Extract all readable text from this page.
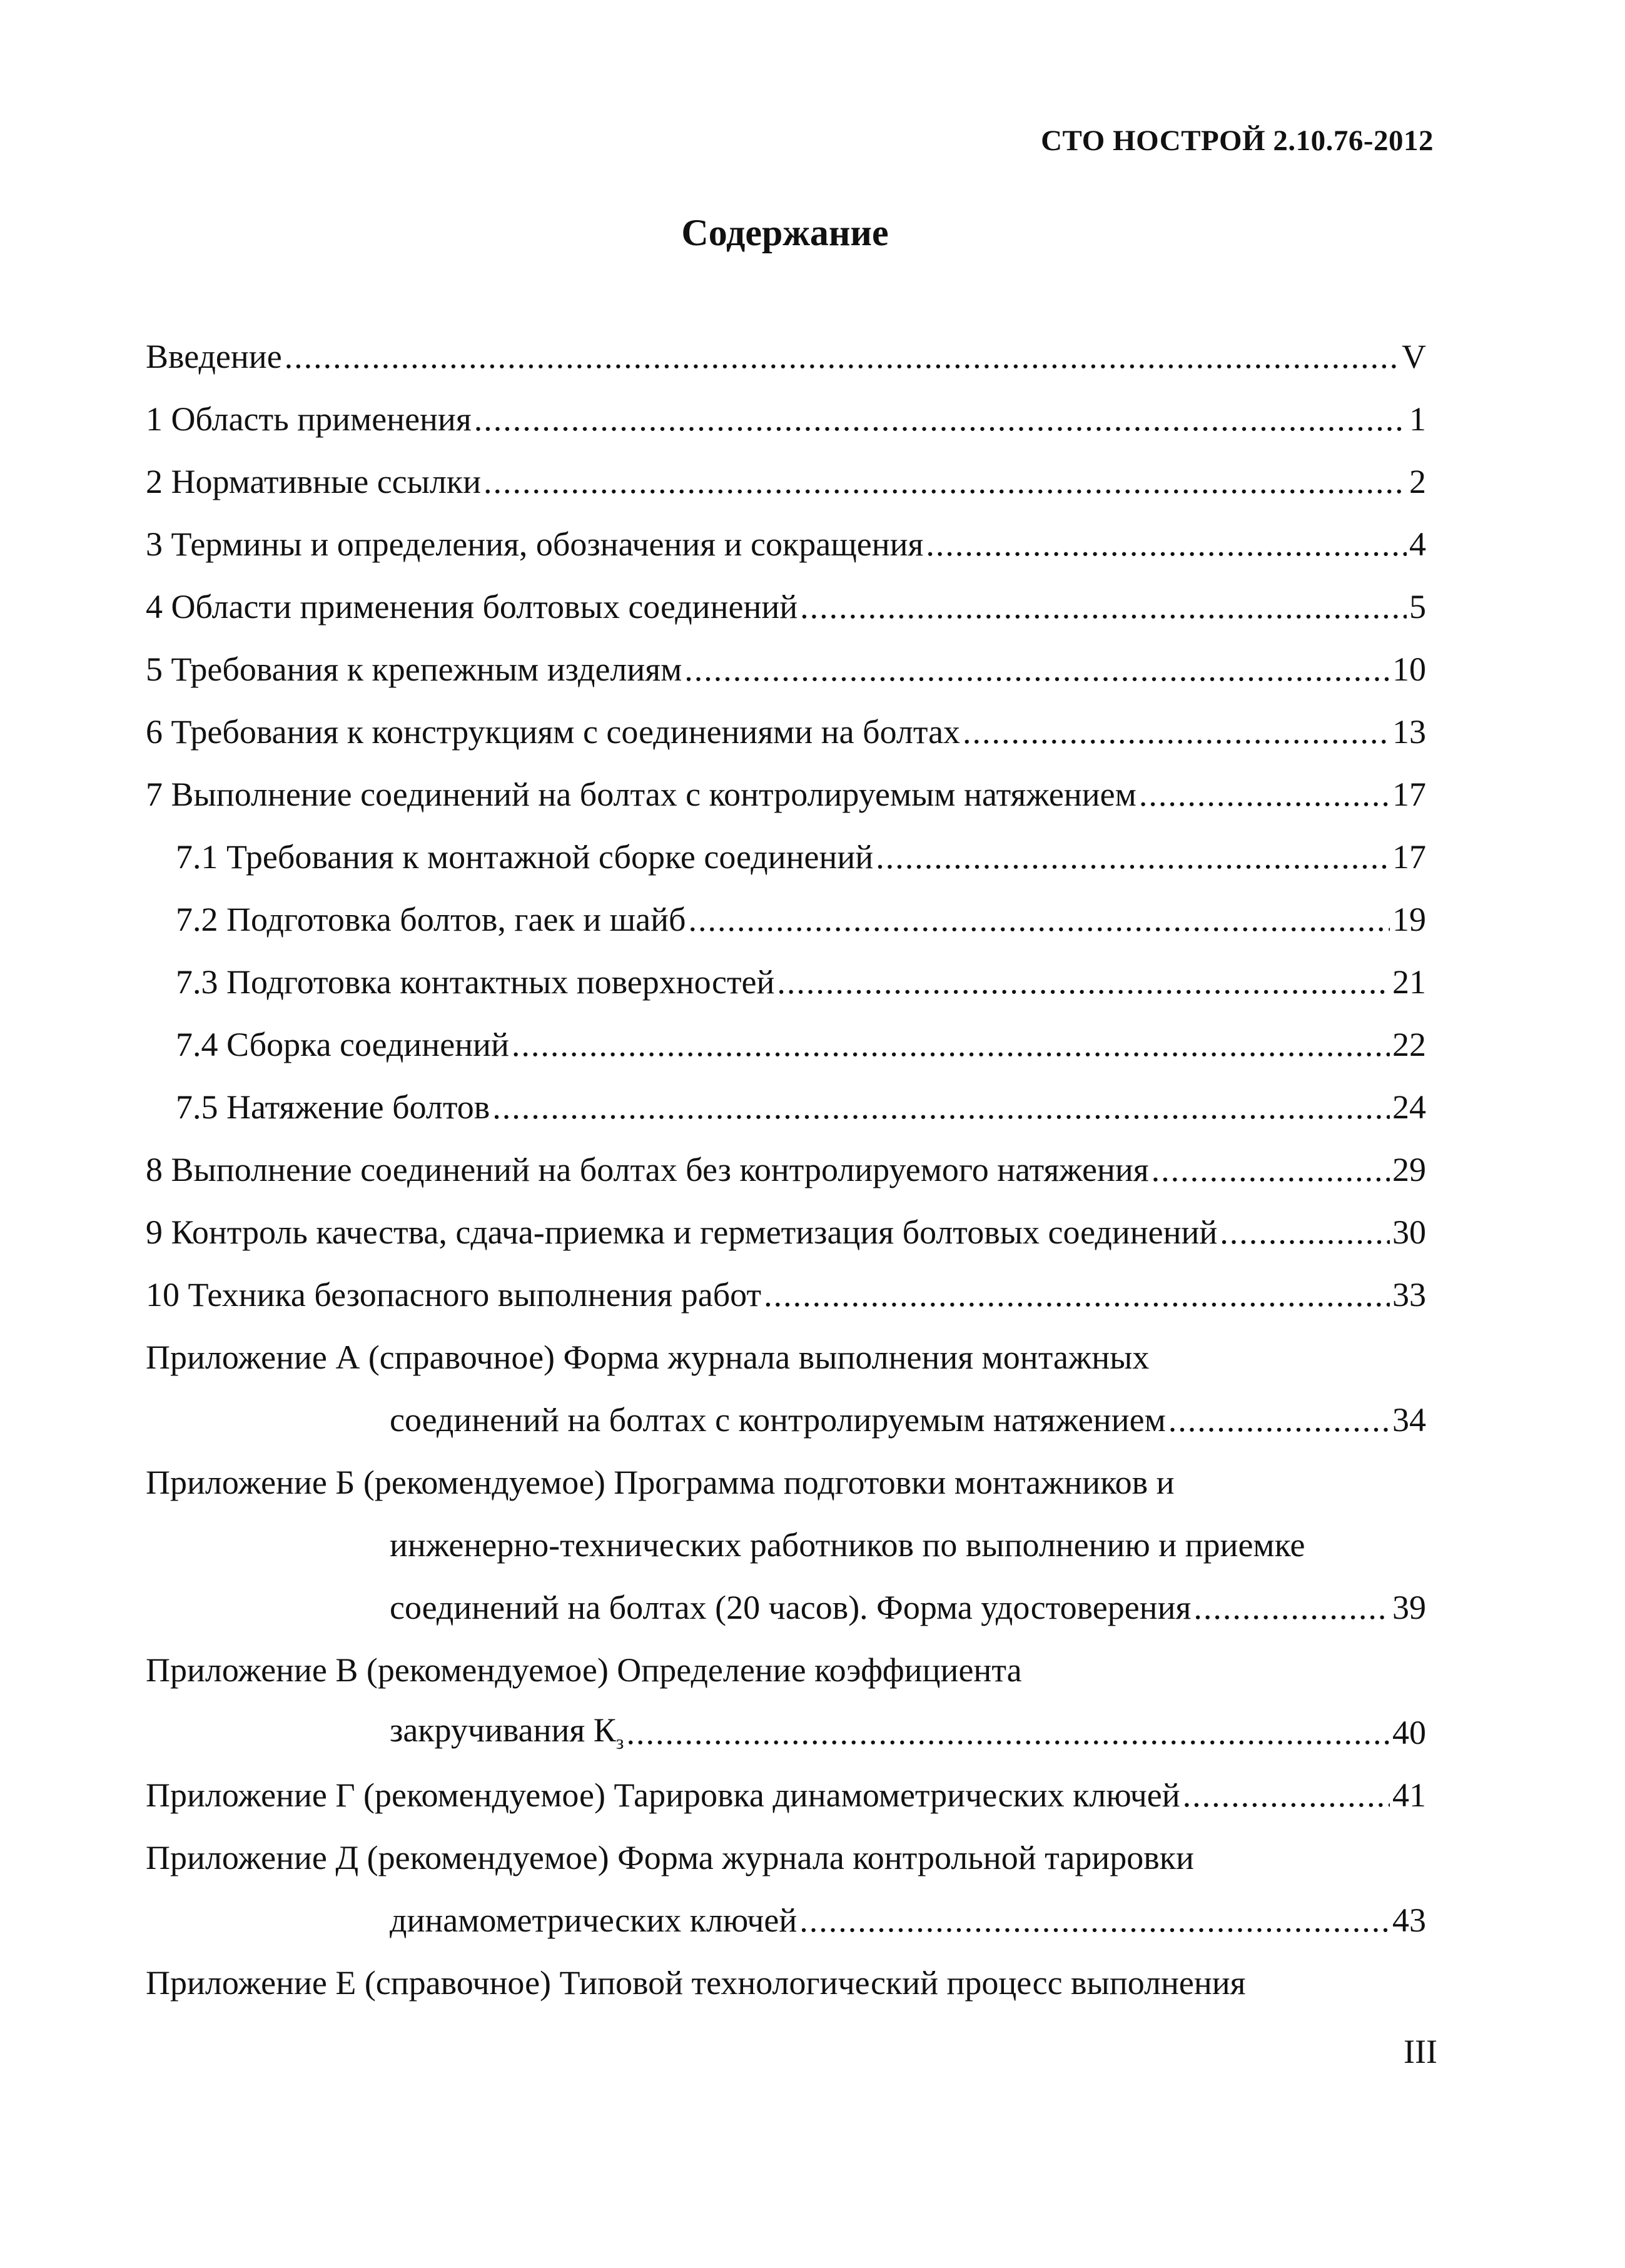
СТО НОСТРОЙ 2.10.76-2012
Содержание
Введение .....	V
1 Область применения .....	1
2 Нормативные ссылки .....	2
3 Термины и определения, обозначения и сокращения .....	4
4 Области применения болтовых соединений .....	5
5 Требования к крепежным изделиям .....	10
6 Требования к конструкциям с соединениями на болтах .....	13
7 Выполнение соединений на болтах с контролируемым натяжением .....	17
7.1 Требования к монтажной сборке соединений .....	17
7.2 Подготовка болтов, гаек и шайб .....	19
7.3 Подготовка контактных поверхностей .....	21
7.4 Сборка соединений .....	22
7.5 Натяжение болтов .....	24
8 Выполнение соединений на болтах без контролируемого натяжения .....	29
9 Контроль качества, сдача-приемка и герметизация болтовых соединений .....	30
10 Техника безопасного выполнения работ .....	33
Приложение А (справочное) Форма журнала выполнения монтажных
соединений на болтах с контролируемым натяжением .....	34
Приложение Б (рекомендуемое) Программа подготовки монтажников и
инженерно-технических работников по выполнению и приемке
соединений на болтах (20 часов). Форма удостоверения .....	39
Приложение В (рекомендуемое) Определение коэффициента
закручивания $К_з$ .....	40
Приложение Г (рекомендуемое) Тарировка динамометрических ключей .....	41
Приложение Д (рекомендуемое) Форма журнала контрольной тарировки
динамометрических ключей .....	43
Приложение Е (справочное) Типовой технологический процесс выполнения
III
